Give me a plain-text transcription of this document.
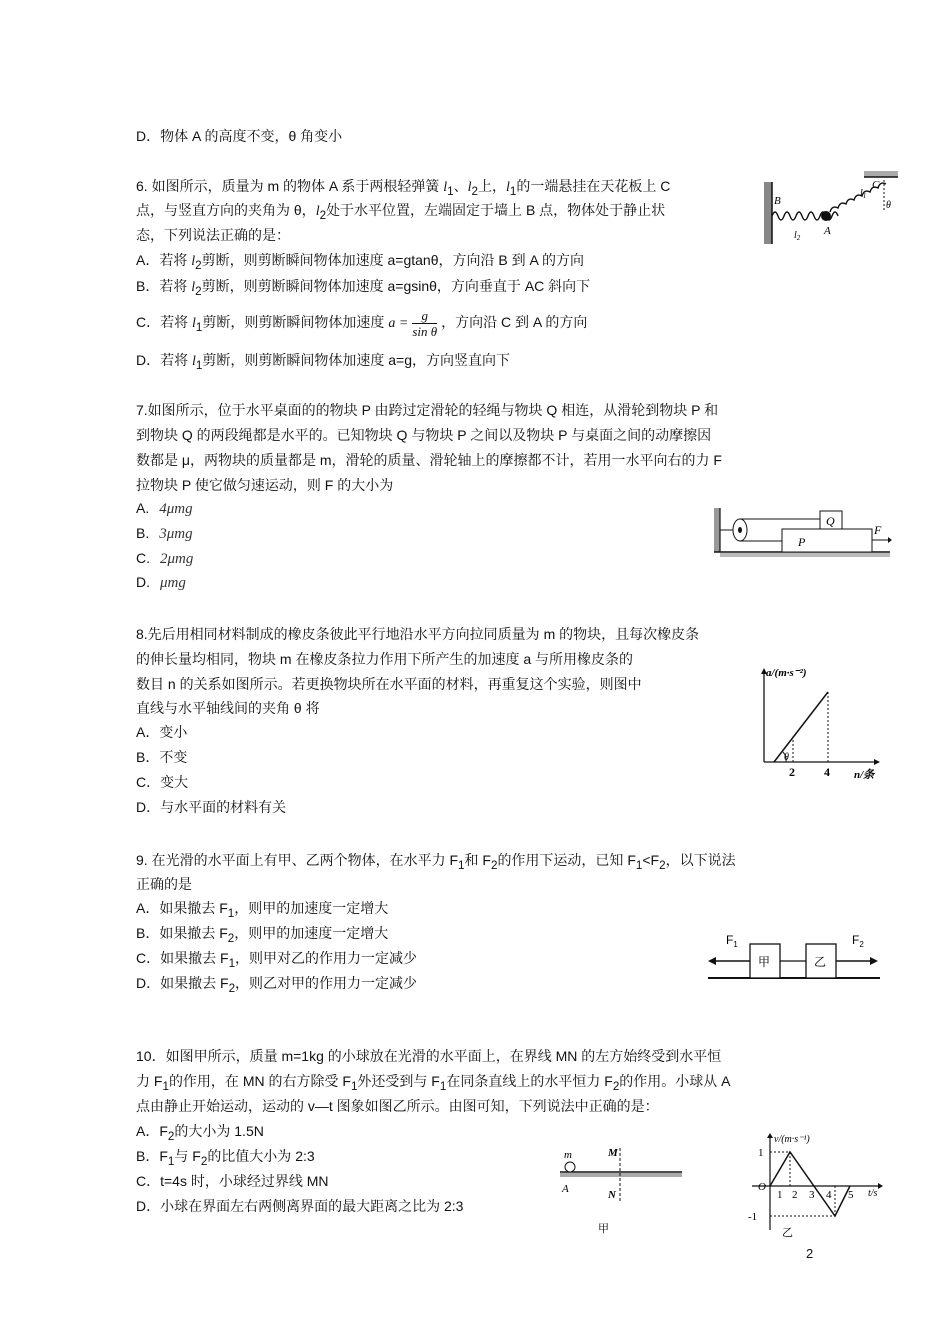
D．物体 A 的高度不变，θ 角变小
6. 如图所示，质量为 m 的物体 A 系于两根轻弹簧 $l_1$、$l_2$上，$l_1$的一端悬挂在天花板上 C
点，与竖直方向的夹角为 θ，$l_2$处于水平位置，左端固定于墙上 B 点，物体处于静止状
态，下列说法正确的是：
A．若将 $l_2$剪断，则剪断瞬间物体加速度 a=gtanθ，方向沿 B 到 A 的方向
B．若将 $l_2$剪断，则剪断瞬间物体加速度 a=gsinθ，方向垂直于 AC 斜向下
C．若将 $l_1$剪断，则剪断瞬间物体加速度 $a = \frac{g}{\text{sin θ}}$ ，方向沿 C 到 A 的方向
D．若将 $l_1$剪断，则剪断瞬间物体加速度 a=g，方向竖直向下
B
A
C
$l_1$
$l_2$
θ
7.如图所示，位于水平桌面的的物块 P 由跨过定滑轮的轻绳与物块 Q 相连，从滑轮到物块 P 和
到物块 Q 的两段绳都是水平的。已知物块 Q 与物块 P 之间以及物块 P 与桌面之间的动摩擦因
数都是 μ，两物块的质量都是 m，滑轮的质量、滑轮轴上的摩擦都不计，若用一水平向右的力 F
拉物块 P 使它做匀速运动，则 F 的大小为
A. 4μmg
B. 3μmg
C. 2μmg
D. μmg
Q
P
F
8.先后用相同材料制成的橡皮条彼此平行地沿水平方向拉同质量为 m 的物块，且每次橡皮条
的伸长量均相同，物块 m 在橡皮条拉力作用下所产生的加速度 a 与所用橡皮条的
数目 n 的关系如图所示。若更换物块所在水平面的材料，再重复这个实验，则图中
直线与水平轴线间的夹角 θ 将
A．变小
B．不变
C．变大
D．与水平面的材料有关
a/(m·s⁻²)
n/条
2 4
θ
9. 在光滑的水平面上有甲、乙两个物体，在水平力 $F_1$和 $F_2$的作用下运动，已知 $F_1<F_2$，以下说法
正确的是
A．如果撤去 $F_1$，则甲的加速度一定增大
B．如果撤去 $F_2$，则甲的加速度一定增大
C．如果撤去 $F_1$，则甲对乙的作用力一定减少
D．如果撤去 $F_2$，则乙对甲的作用力一定减少
甲	乙
$F_1$	$F_2$
10．如图甲所示，质量 m=1kg 的小球放在光滑的水平面上，在界线 MN 的左方始终受到水平恒
力 $F_1$的作用，在 MN 的右方除受 $F_1$外还受到与 $F_1$在同条直线上的水平恒力 $F_2$的作用。小球从 A
点由静止开始运动，运动的 v—t 图象如图乙所示。由图可知，下列说法中正确的是：
A．$F_2$的大小为 1.5N
B．$F_1$与 $F_2$的比值大小为 2:3
C．t=4s 时，小球经过界线 MN
D．小球在界面左右两侧离界面的最大距离之比为 2:3
m
A
M
N
甲
v/(m·s⁻¹)
t/s
O
1
-1
1 2 3 4 5
乙
2
